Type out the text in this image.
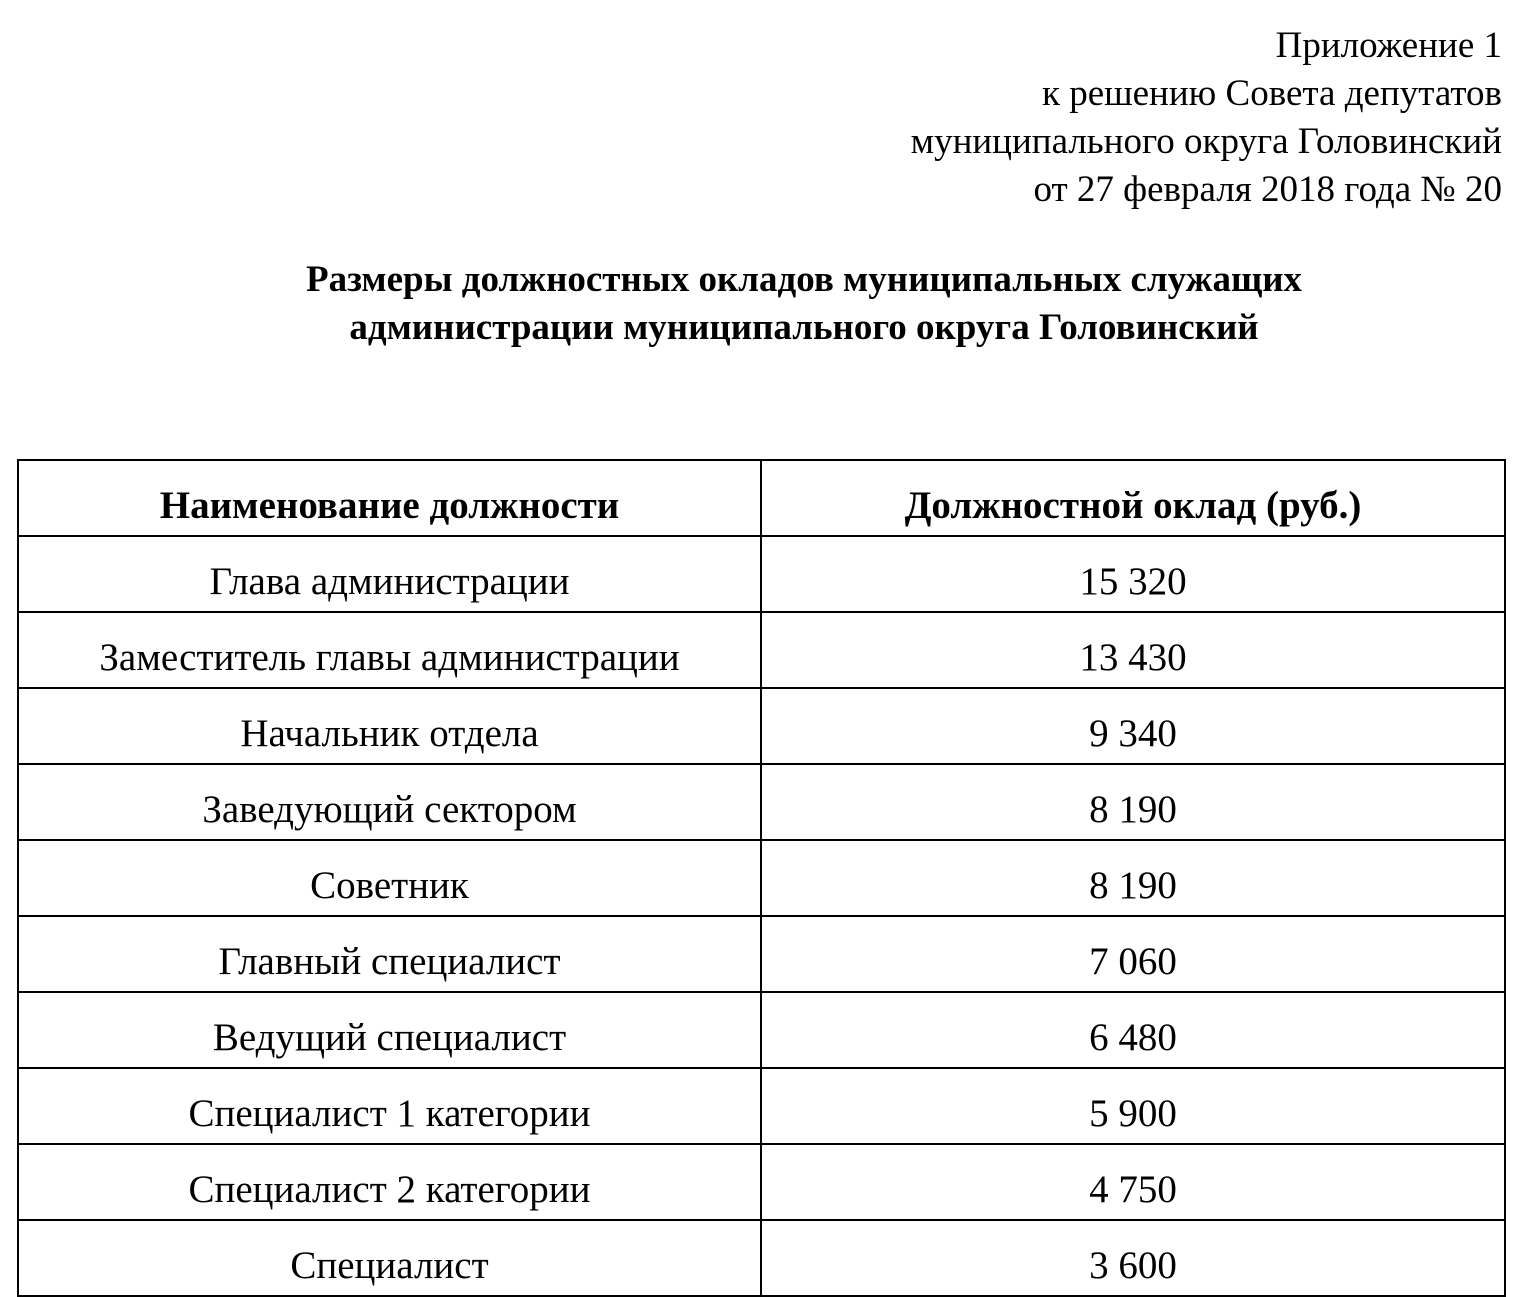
Приложение 1
к решению Совета депутатов
муниципального округа Головинский
от 27 февраля 2018 года № 20
Размеры должностных окладов муниципальных служащих
администрации муниципального округа Головинский
Наименование должности	Должностной оклад (руб.)
Глава администрации	15 320
Заместитель главы администрации	13 430
Начальник отдела	9 340
Заведующий сектором	8 190
Советник	8 190
Главный специалист	7 060
Ведущий специалист	6 480
Специалист 1 категории	5 900
Специалист 2 категории	4 750
Специалист	3 600
